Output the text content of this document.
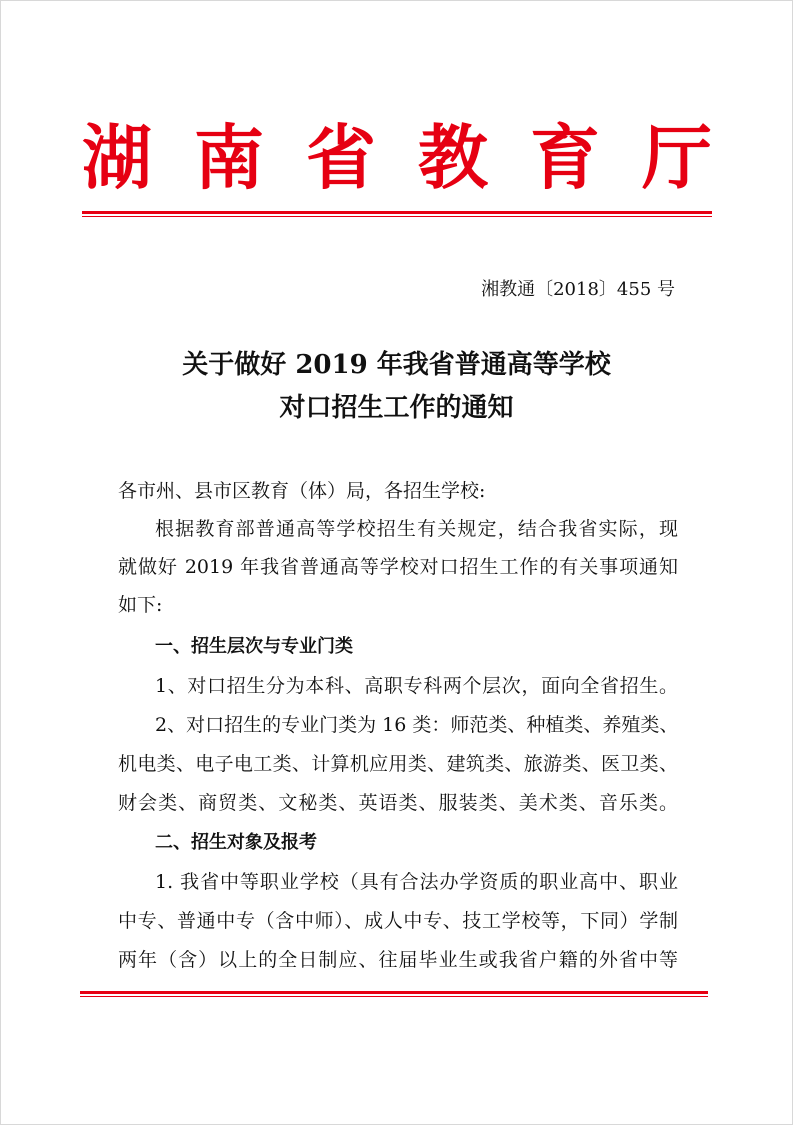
湖 南 省 教 育 厅
湘教通〔2018〕455 号
关于做好 2019 年我省普通高等学校
对口招生工作的通知
各市州、县市区教育（体）局，各招生学校:
根据教育部普通高等学校招生有关规定，结合我省实际，现
就做好 2019 年我省普通高等学校对口招生工作的有关事项通知
如下:
一、招生层次与专业门类
1、对口招生分为本科、高职专科两个层次，面向全省招生。
2、对口招生的专业门类为 16 类：师范类、种植类、养殖类、
机电类、电子电工类、计算机应用类、建筑类、旅游类、医卫类、
财会类、商贸类、文秘类、英语类、服装类、美术类、音乐类。
二、招生对象及报考
1. 我省中等职业学校（具有合法办学资质的职业高中、职业
中专、普通中专（含中师）、成人中专、技工学校等，下同）学制
两年（含）以上的全日制应、往届毕业生或我省户籍的外省中等
